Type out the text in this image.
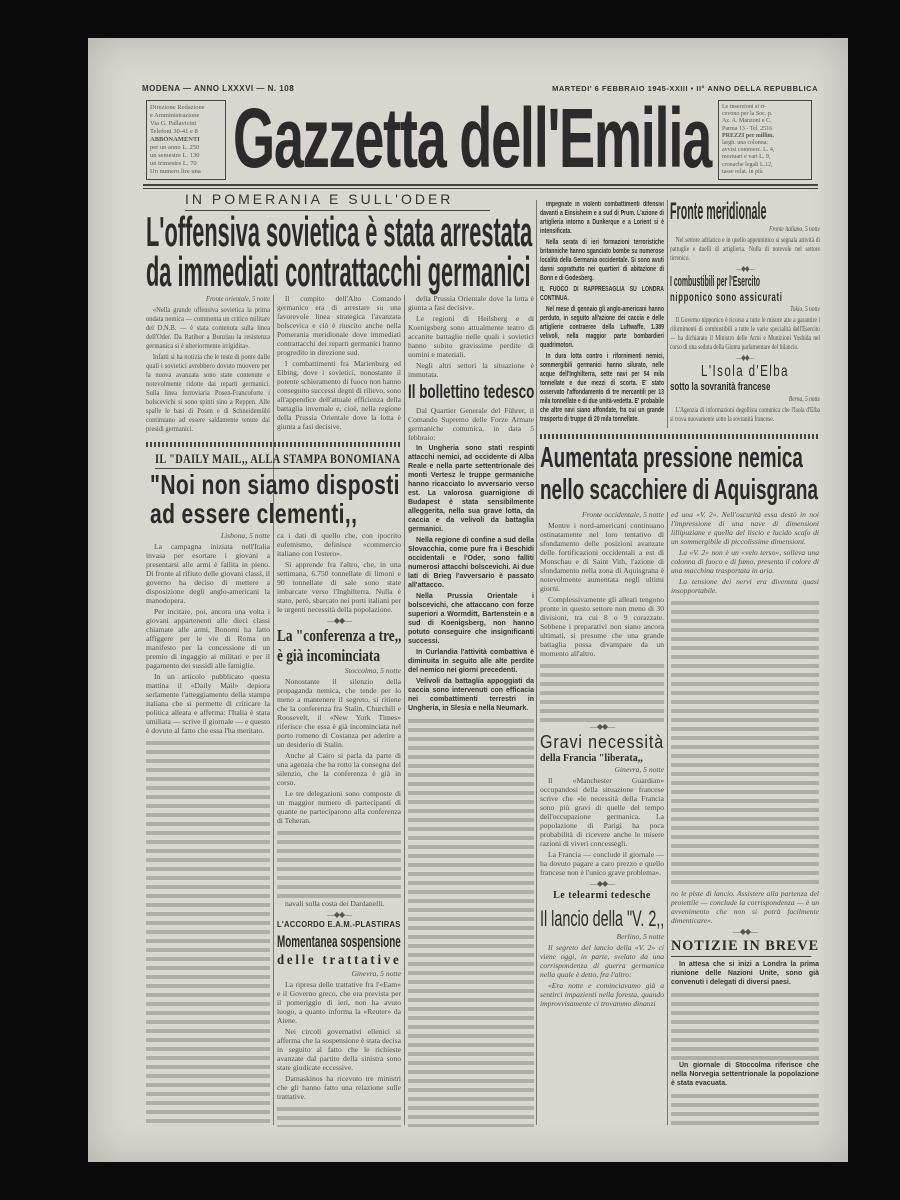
MODENA — ANNO LXXXVI — N. 108	MARTEDI' 6 FEBBRAIO 1945-XXIII • II° ANNO DELLA REPUBBLICA
Direzione Redazione
e Amministrazione
Via G. Pallavicini
Telefoni 30-41 e 8
ABBONAMENTI
per un anno L. 250
un semestre L. 130
un trimestre L. 70
Un numero lire una Gazzetta dell'Emilia Le inserzioni si ri-
cevono per la Soc. p.
Az. A. Manzoni e C.
Parma 13 - Tel. 2516
PREZZI per millim.
largh. una colonna:
avvisi commerc. L. 4,
mortuari e vari L. 9,
cronache legali L.12,
tasse relat. in più
IN POMERANIA E SULL'ODER
L'offensiva sovietica è stata arrestata
da immediati contrattacchi germanici

Fronte orientale, 5 notte

«Nella grande offensiva sovietica la prima ondata nemica — commenta un critico militare del D.N.B. — è stata contenuta sulla linea dell'Oder. Da Ratibor a Bunzlau la resistenza germanica si è ulteriormente irrigidita».

Infatti si ha notizia che le teste di ponte dalle quali i sovietici avrebbero dovuto muovere per la nuova avanzata sono state contenute e notevolmente ridotte dai reparti germanici. Sulla linea ferroviaria Posen-Francoforte i bolscevichi si sono spinti sino a Reppen. Alle spalle le basi di Posen e di Schneidemühl continuano ad essere saldamente tenute dai presidi germanici.

Il compito dell'Alto Comando germanico era di arrestare su una favorevole linea strategica l'avanzata bolscevica e ciò è riuscito anche nella Pomerania meridionale dove immediati contrattacchi dei reparti germanici hanno progredito in direzione sud.

I combattimenti fra Marienburg ed Elbing, dove i sovietici, nonostante il potente schieramento di fuoco non hanno conseguito successi degni di rilievo, sono all'appendice dell'attuale efficienza della battaglia invernale e, cioè, nella regione della Prussia Orientale dove la lotta è giunta a fasi decisive.

della Prussia Orientale dove la lotta è giunta a fasi decisive.

Le regioni di Heilsberg e di Koenigsberg sono attualmente teatro di accanite battaglie nelle quali i sovietici hanno subito gravissime perdite di uomini e materiali.

Negli altri settori la situazione è immutata.

Il bollettino tedesco

Dal Quartier Generale del Führer, il Comando Supremo delle Forze Armate germaniche comunica, in data 5 febbraio:

In Ungheria sono stati respinti attacchi nemici, ad occidente di Alba Reale e nella parte settentrionale dei monti Vertesz le truppe germaniche hanno ricacciato lo avversario verso est. La valorosa guarnigione di Budapest è stata sensibilmente alleggerita, nella sua grave lotta, da caccia e da velivoli da battaglia germanici.

Nella regione di confine a sud della Slovacchia, come pure fra i Beschidi occidentali e l'Oder, sono falliti numerosi attacchi bolscevichi. Ai due lati di Brieg l'avversario è passato all'attacco.

Nella Prussia Orientale i bolscevichi, che attaccano con forze superiori a Wormditt, Bartenstein e a sud di Koenigsberg, non hanno potuto conseguire che insignificanti successi.

In Curlandia l'attività combattiva è diminuita in seguito alle alte perdite del nemico nei giorni precedenti.

Velivoli da battaglia appoggiati da caccia sono intervenuti con efficacia nei combattimenti terrestri in Ungheria, in Slesia e nella Neumark.

impegnate in violenti combattimenti difensivi davanti a Einsisheim e a sud di Prum. L'azione di artiglieria intorno a Dunkerque e a Lorient si è intensificata.

Nella serata di ieri formazioni terroristiche britanniche hanno sganciato bombe su numerose località della Germania occidentale. Si sono avuti danni soprattutto nei quartieri di abitazione di Bonn e di Godesberg.

IL FUOCO DI RAPPRESAGLIA SU LONDRA CONTINUA.

Nel mese di gennaio gli anglo-americani hanno perduto, in seguito all'azione dei caccia e delle artiglierie contraeree della Luftwaffe, 1.389 velivoli, nella maggior parte bombardieri quadrimotori.

In dura lotta contro i rifornimenti nemici, sommergibili germanici hanno silurato, nelle acque dell'Inghilterra, sette navi per 54 mila tonnellate e due mezzi di scorta. E' stato osservato l'affondamento di tre mercantili per 13 mila tonnellate e di due unità-vedetta. E' probabile che altre navi siano affondate, fra cui un grande trasporto di truppe di 20 mila tonnellate.

Fronte meridionale

Fronte italiano, 5 notte

Nel settore adriatico e in quello appenninico si segnala attività di pattuglie e duelli di artiglieria. Nulla di notevole nel settore tirrenico.

—◆◆—
I combustibili per l'Esercito
nipponico sono assicurati

Tokio, 5 notte

Il Governo nipponico è ricorso a tutte le misure atte a garantire i rifornimenti di combustibili a tutte le varie specialità dell'Esercito — ha dichiarato il Ministro delle Armi e Munizioni Yoshida nel corso di una seduta della Giunta parlamentare del bilancio.

—◆◆—
L'Isola d'Elba
sotto la sovranità francese

Berna, 5 notte

L'Agenzia di informazioni degollista comunica che l'Isola d'Elba si trova nuovamente sotto la sovranità francese.

IL "DAILY MAIL,, ALLA STAMPA BONOMIANA
"Noi non siamo disposti
ad essere clementi,,

Lisbona, 5 notte

La campagna iniziata nell'Italia invasa per esortare i giovani a presentarsi alle armi è fallita in pieno. Di fronte al rifiuto delle giovani classi, il governo ha deciso di mettere a disposizione degli anglo-americani la manodopera.

Per incitare, poi, ancora una volta i giovani appartenenti alle dieci classi chiamate alle armi, Bonomi ha fatto affiggere per le vie di Roma un manifesto per la concessione di un premio di ingaggio ai militari e per il pagamento dei sussidi alle famiglie.

In un articolo pubblicato questa mattina il «Daily Mail» depiora serlamente l'atteggiamento della stampa italiana che si permette di criticare la politica alleata e afferma: l'Italia è stata umiliata — scrive il giornale — e questo è dovuto al fatto che essa l'ha meritato.

ca i dati di quello che, con ipocrito eufemismo, definisce «commercio italiano con l'estero».

Si apprende fra l'altro, che, in una settimana, 6.750 tonnellate di limoni e 90 tonnellate di sale sono state imbarcate verso l'Inghilterra. Nulla è stato, però, sbarcato nei porti italiani per le urgenti necessità della popolazione.

—◆◆—
La "conferenza a tre,,
è già incominciata

Stoccolma, 5 notte

Nonostante il silenzio della propaganda nemica, che tende per lo meno a mantenere il segreto, si ritiene che la conferenza fra Stalin, Churchill e Roosevelt, il «New York Times» riferisce che essa è già incominciata nel porto romeno di Costanza per aderire a un desiderio di Stalin.

Anche al Cairo si parla da parte di una agenzia che ha rotto la consegna del silenzio, che la conferenza è già in corso.

Le tre delegazioni sono composte di un maggior numero di partecipanti di quante ne parteciparono alla conferenza di Teheran.

navali sulla costa dei Dardanelli.

—◆◆—
L'ACCORDO E.A.M.-PLASTIRAS
Momentanea sospensione
delle trattative

Ginevra, 5 notte

La ripresa delle trattative fra l'«Eam» e il Governo greco, che era prevista per il pomeriggio di ieri, non ha avuto luogo, a quanto informa la «Reuter» da Atene.

Nei circoli governativi ellenici si afferma che la sospensione è stata decisa in seguito al fatto che le richieste avanzate dal partito della sinistra sono state giudicate eccessive.

Damaskinos ha ricevuto tre ministri che gli hanno fatto una relazione sulle trattative.

Aumentata pressione nemica
nello scacchiere di Aquisgrana

Fronte occidentale, 5 notte

Mentre i nord-americani continuano ostinatamente nel loro tentativo di sfondamento delle posizioni avanzate delle fortificazioni occidentali a est di Monschau e di Saint Vith, l'azione di sfondamento nella zona di Aquisgrana è notevolmente aumentata negli ultimi giorni.

Complessivamente gli alleati tengono pronte in questo settore non meno di 30 divisioni, tra cui 8 o 9 corazzate. Sebbene i preparativi non siano ancora ultimati, si presume che una grande battaglia possa divampare da un momento all'altro.

—◆◆—
Gravi necessità
della Francia "liberata,,

Ginevra, 5 notte

Il «Manchester Guardian» occupandosi della situazione francese scrive che «le necessità della Francia sono più gravi di quelle del tempo dell'occupazione germanica. La popolazione di Parigi ha poca probabilità di ricevere anche le misere razioni di viveri concessegli.

La Francia — conclude il giornale — ha dovuto pagare a caro prezzo e quello francese non è l'unico grave problema».

—◆◆—
Le telearmi tedesche
Il lancio della "V. 2,,

Berlino, 5 notte

Il segreto del lancio della «V. 2» ci viene oggi, in parte, svelato da una corrispondenza di guerra germanica nella quale è detto, fra l'altro:

«Era notte e cominciavamo già a sentirci impazienti nella foresta, quando improvvisamente ci trovammo dinanzi

ed una «V. 2». Nell'oscurità essa destò in noi l'impressione di una nave di dimensioni lillipuziane e quella del liscio e lucido scafo di un sommergibile di piccolissime dimensioni.

La «V. 2» non è un «velo terso», solleva una colonna di fuoco e di fumo, presenta il colore di una macchina trasportata in aria.

La tensione dei nervi era divenuta quasi insopportabile.

no le piste di lancio. Assistere alla partenza del proiettile — conclude la corrispondenza — è un avvenimento che non si potrà facilmente dimenticare».

—◆◆—
NOTIZIE IN BREVE

In attesa che si inizi a Londra la prima riunione delle Nazioni Unite, sono già convenuti i delegati di diversi paesi.

Un giornale di Stoccolma riferisce che nella Norvegia settentrionale la popolazione è stata evacuata.
